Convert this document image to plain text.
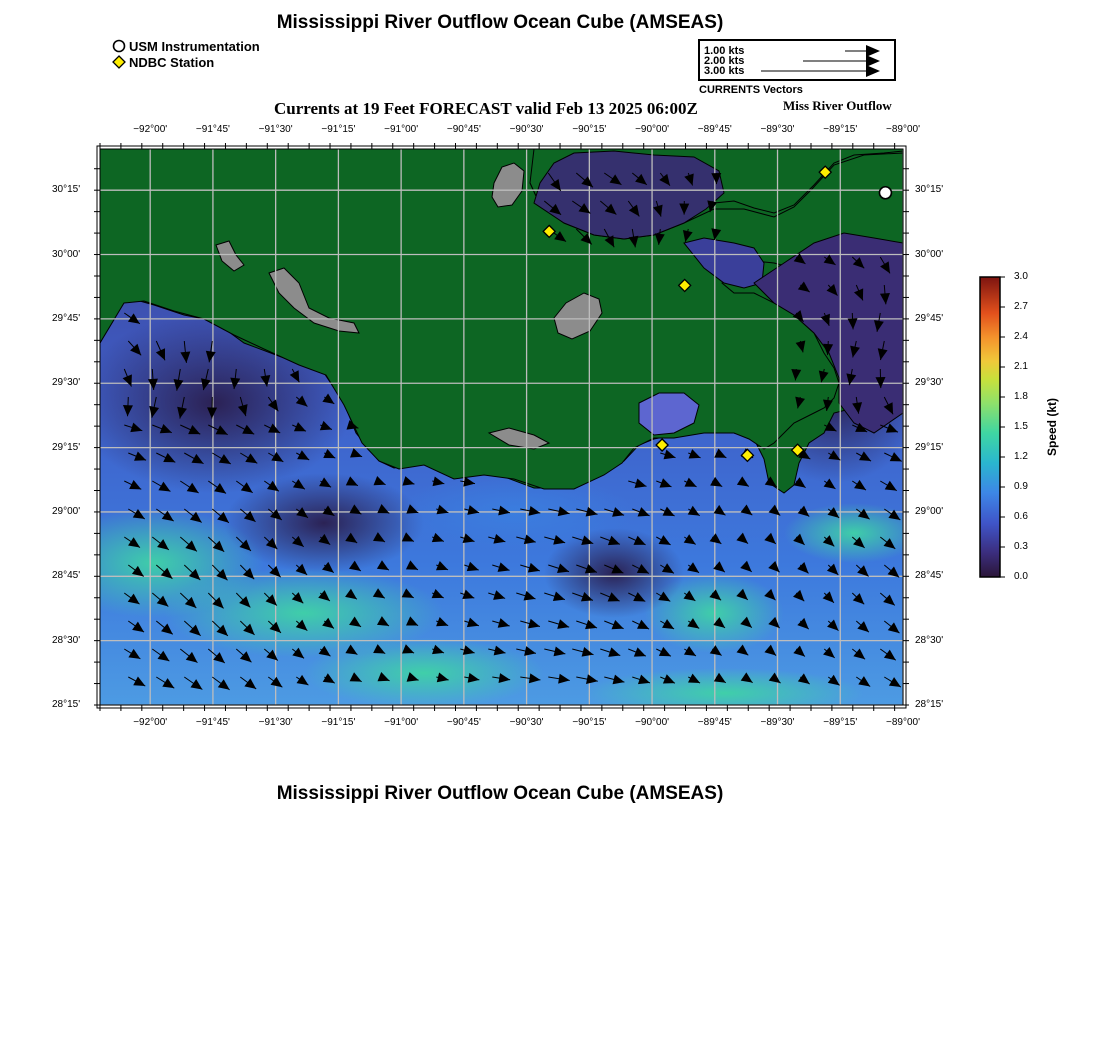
Mississippi River Outflow Ocean Cube (AMSEAS)
USM Instrumentation
NDBC Station
1.00 kts
2.00 kts
3.00 kts
CURRENTS Vectors
Currents at 19 Feet FORECAST valid Feb 13 2025 06:00Z	Miss River Outflow
−92°00'	−91°45'	−91°30'	−91°15'	−91°00'	−90°45'	−90°30'	−90°15'	−90°00'	−89°45'	−89°30'	−89°15'	−89°00'
−92°00'	−91°45'	−91°30'	−91°15'	−91°00'	−90°45'	−90°30'	−90°15'	−90°00'	−89°45'	−89°30'	−89°15'	−89°00'
30°15'
30°00'
29°45'
29°30'
29°15'
29°00'
28°45'
28°30'
28°15'
30°15'
30°00'
29°45'
29°30'
29°15'
29°00'
28°45'
28°30'
28°15'
0.0
0.3
0.6
0.9
1.2
1.5
1.8
2.1
2.4
2.7
3.0
Speed (kt)
Mississippi River Outflow Ocean Cube (AMSEAS)
